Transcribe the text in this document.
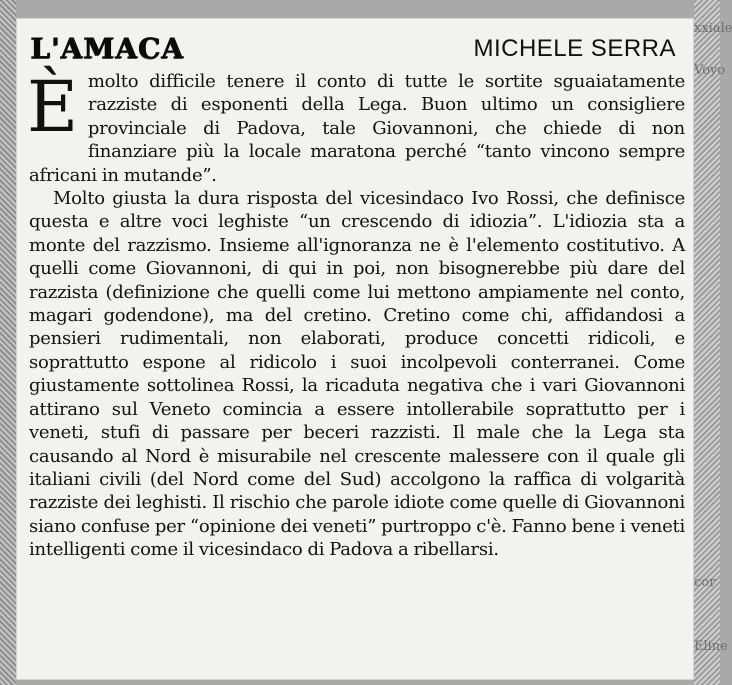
xxiale
Voyo
cor
Eline
L'AMACA	MICHELE SERRA

È molto difficile tenere il conto di tutte le sortite sguaiatamente razziste di esponenti della Lega. Buon ultimo un consigliere provinciale di Padova, tale Giovannoni, che chiede di non finanziare più la locale maratona perché “tanto vincono sempre africani in mutande”.

Molto giusta la dura risposta del vicesindaco Ivo Rossi, che definisce questa e altre voci leghiste “un crescendo di idiozia”. L'idiozia sta a monte del razzismo. Insieme all'ignoranza ne è l'elemento costitutivo. A quelli come Giovannoni, di qui in poi, non bisognerebbe più dare del razzista (definizione che quelli come lui mettono ampiamente nel conto, magari godendone), ma del cretino. Cretino come chi, affidandosi a pensieri rudimentali, non elaborati, produce concetti ridicoli, e soprattutto espone al ridicolo i suoi incolpevoli conterranei. Come giustamente sottolinea Rossi, la ricaduta negativa che i vari Giovannoni attirano sul Veneto comincia a essere intollerabile soprattutto per i veneti, stufi di passare per beceri razzisti. Il male che la Lega sta causando al Nord è misurabile nel crescente malessere con il quale gli italiani civili (del Nord come del Sud) accolgono la raffica di volgarità razziste dei leghisti. Il rischio che parole idiote come quelle di Giovannoni siano confuse per “opinione dei veneti” purtroppo c'è. Fanno bene i veneti intelligenti come il vicesindaco di Padova a ribellarsi.
